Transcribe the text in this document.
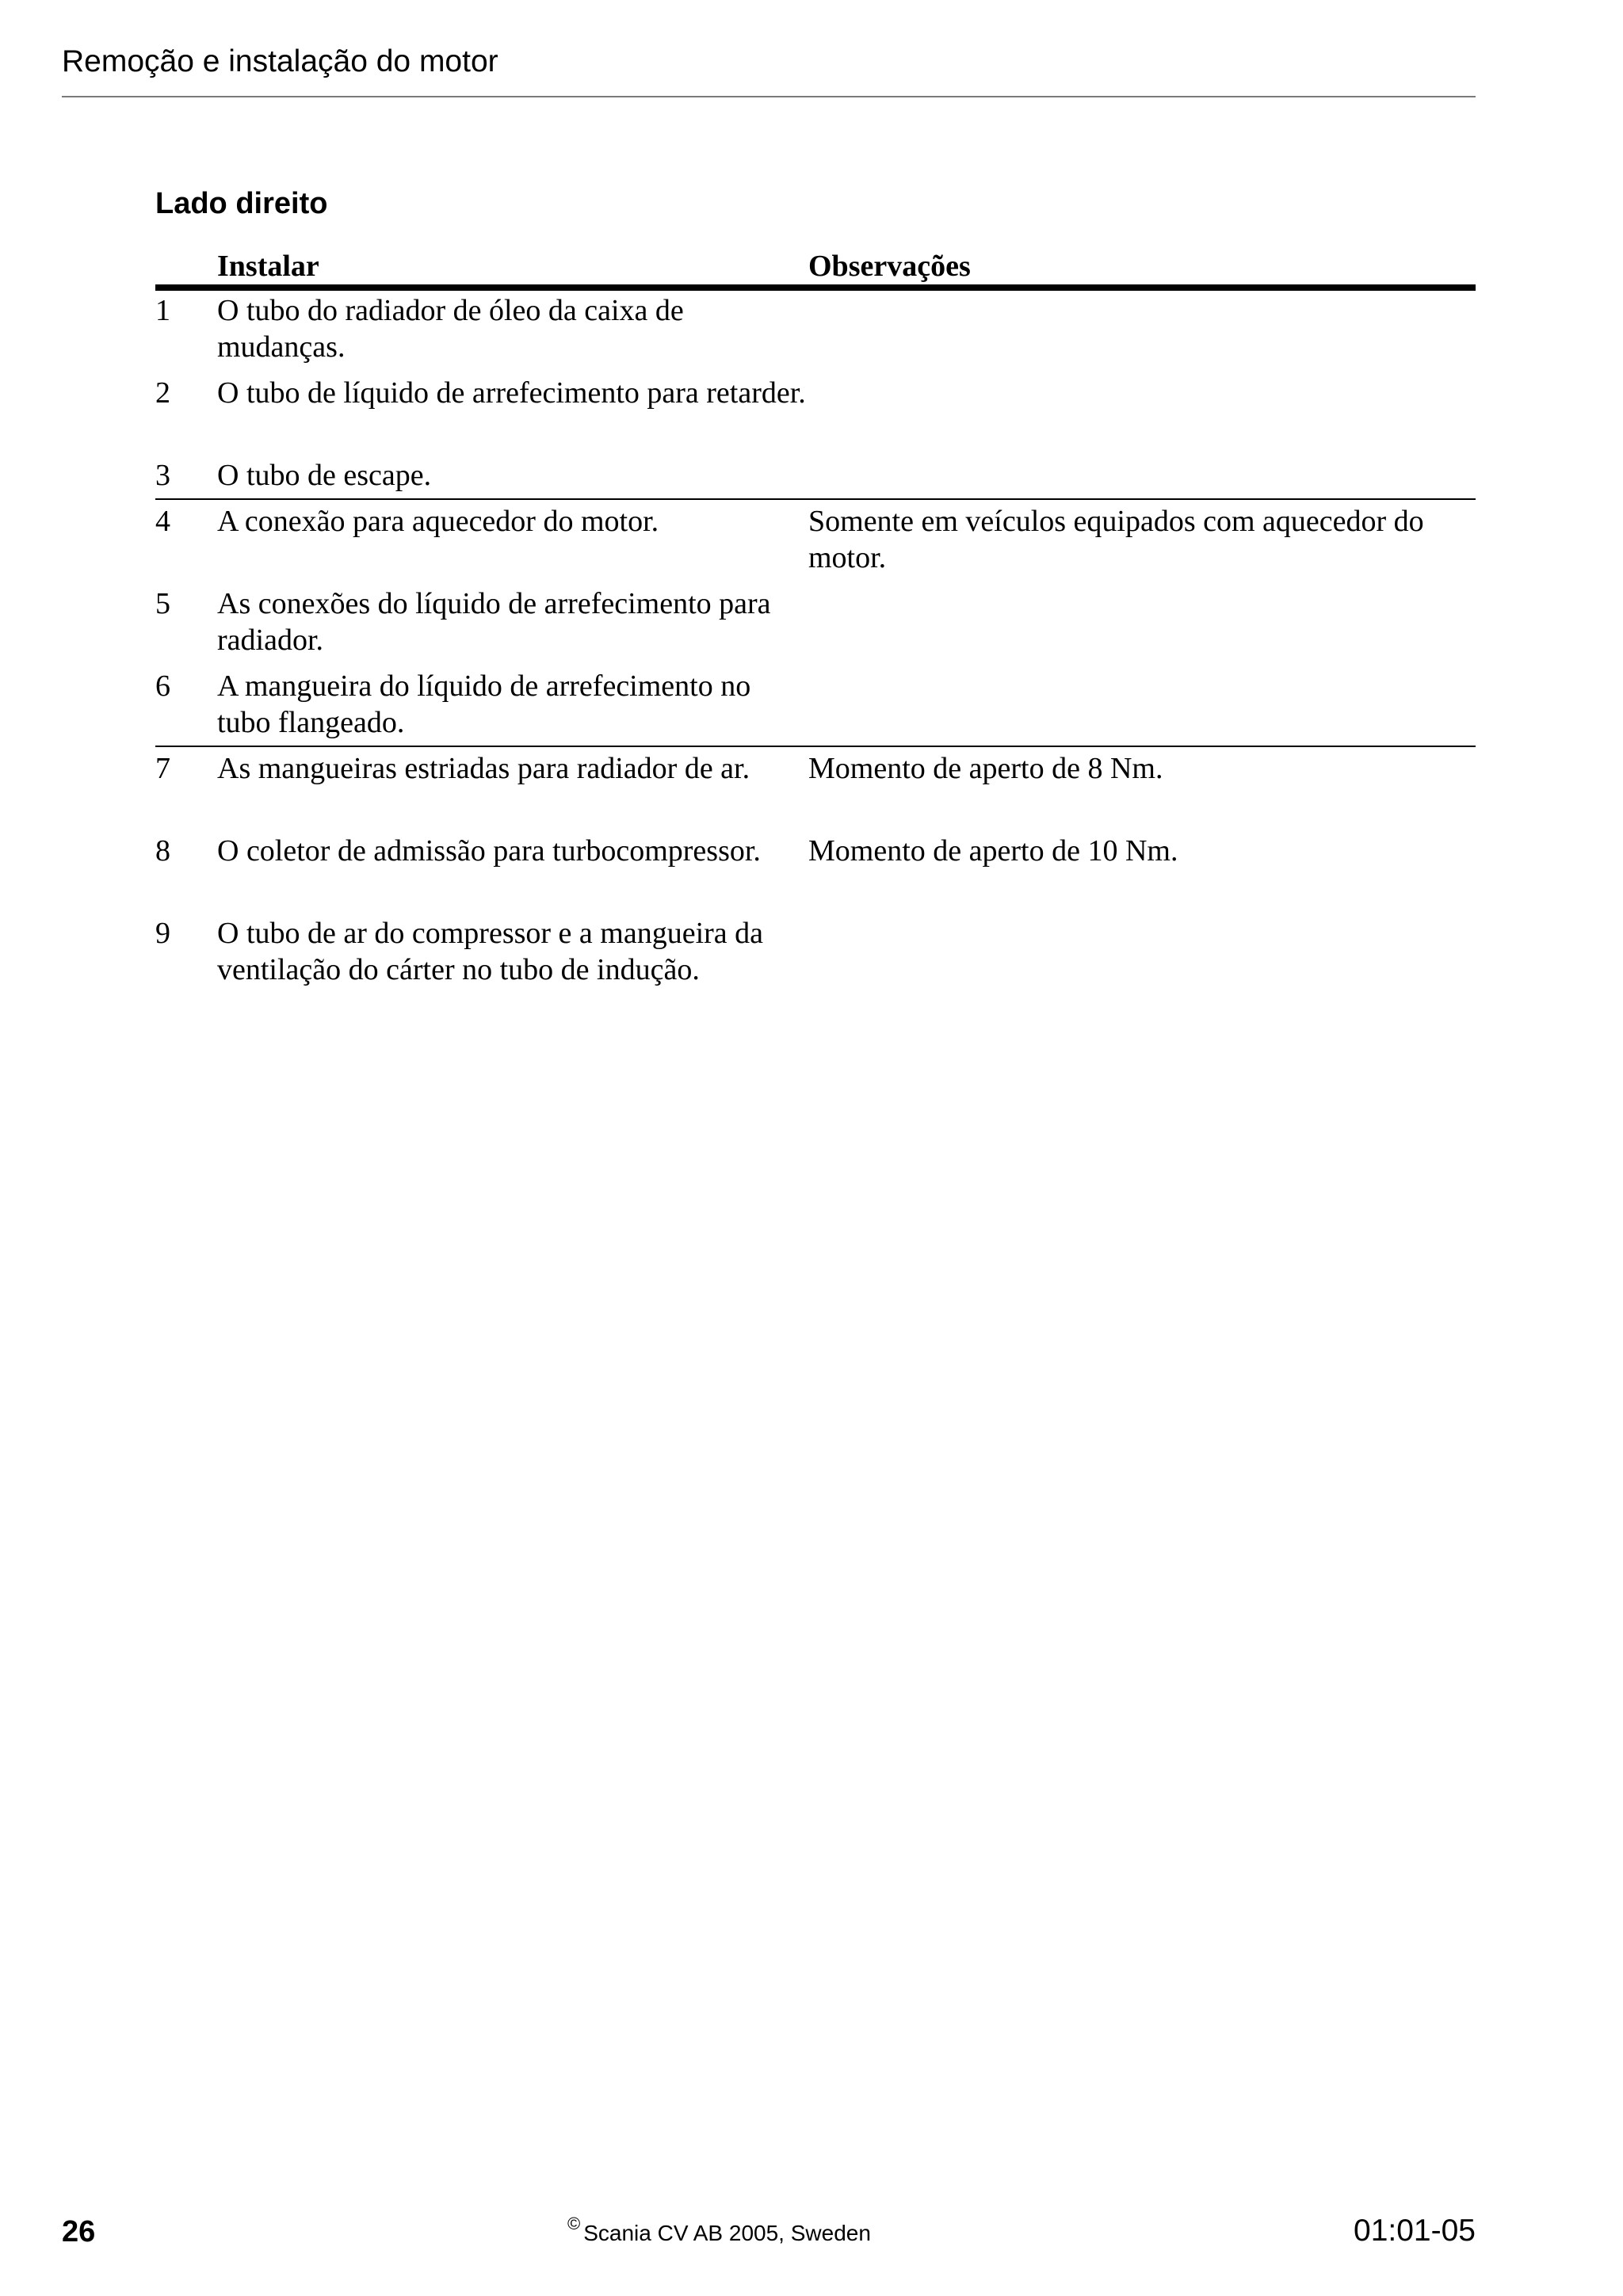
Remoção e instalação do motor
Lado direito
Instalar	Observações
1	O tubo do radiador de óleo da caixa de mudanças.
2	O tubo de líquido de arrefecimento para retarder.
3	O tubo de escape.
4	A conexão para aquecedor do motor.	Somente em veículos equipados com aquecedor do motor.
5	As conexões do líquido de arrefecimento para radiador.
6	A mangueira do líquido de arrefecimento no tubo flangeado.
7	As mangueiras estriadas para radiador de ar.	Momento de aperto de 8 Nm.
8	O coletor de admissão para turbocompressor.	Momento de aperto de 10 Nm.
9	O tubo de ar do compressor e a mangueira da ventilação do cárter no tubo de indução.
26	© Scania CV AB 2005, Sweden	01:01-05
